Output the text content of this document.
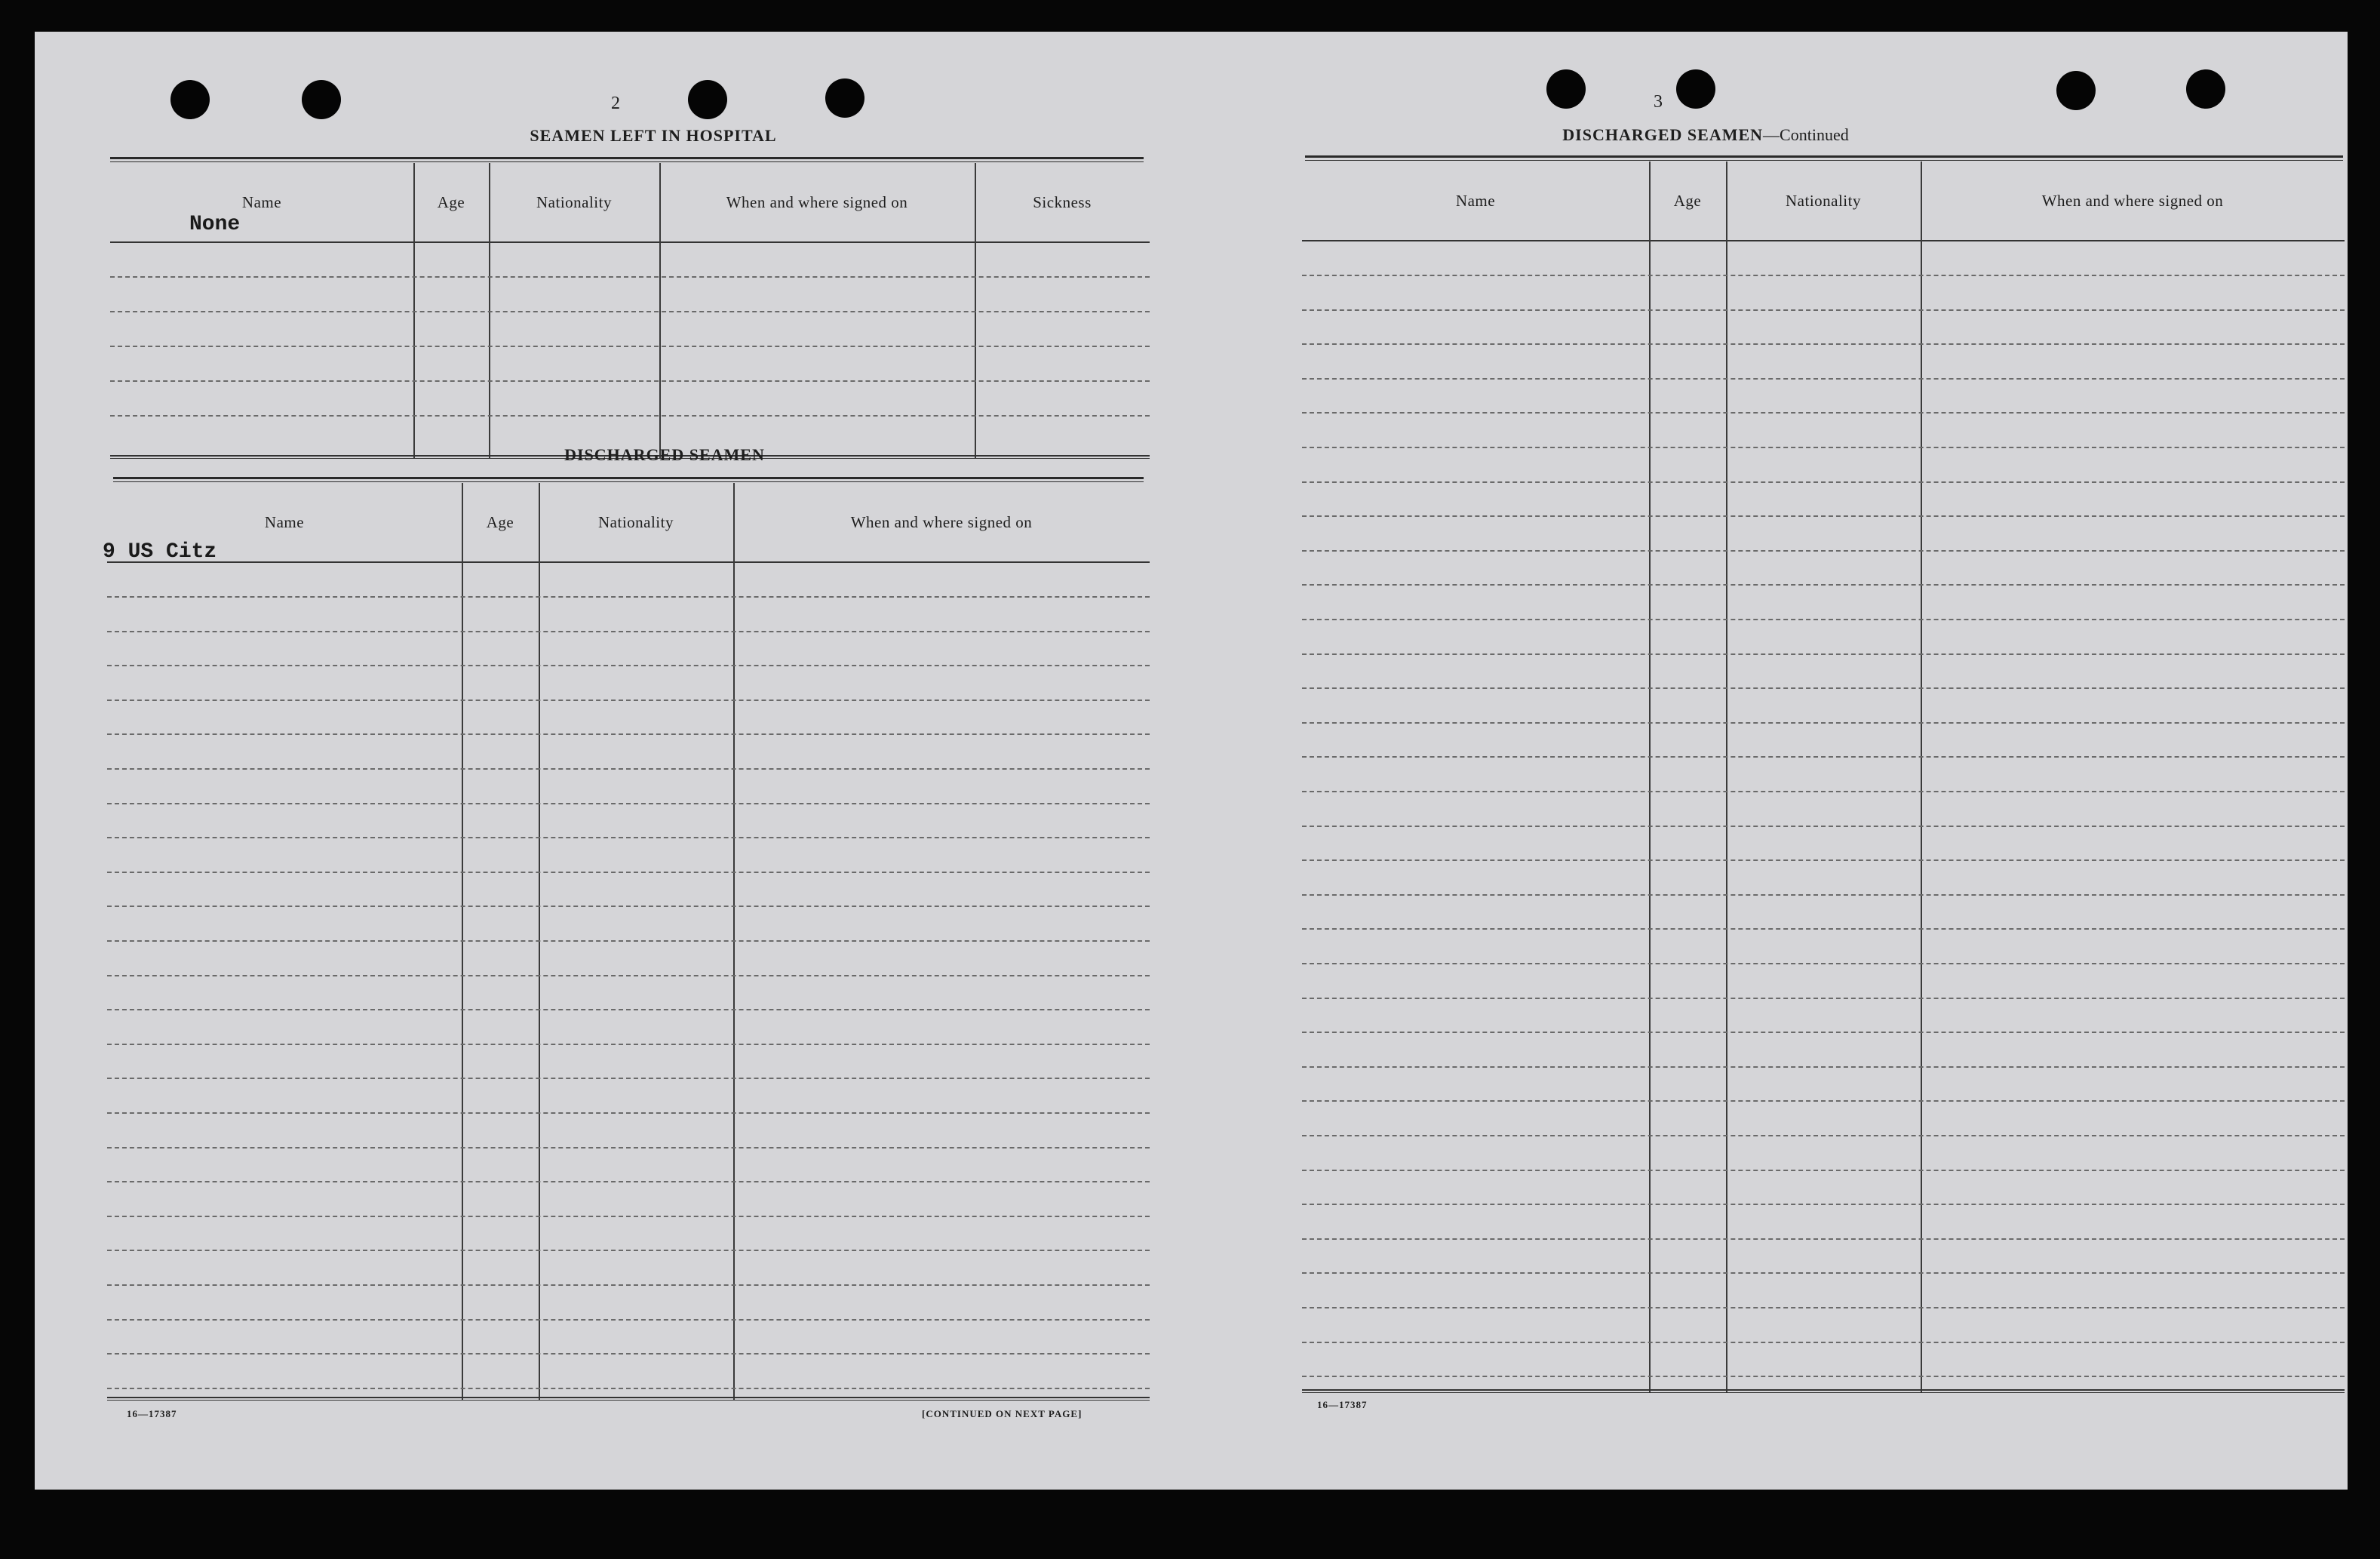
2
SEAMEN LEFT IN HOSPITAL
Name	Age	Nationality	When and where signed on	Sickness
None
DISCHARGED SEAMEN
Name	Age	Nationality	When and where signed on
9 US Citz
16—17387	[CONTINUED ON NEXT PAGE]
3
DISCHARGED SEAMEN—Continued
Name	Age	Nationality	When and where signed on
16—17387
